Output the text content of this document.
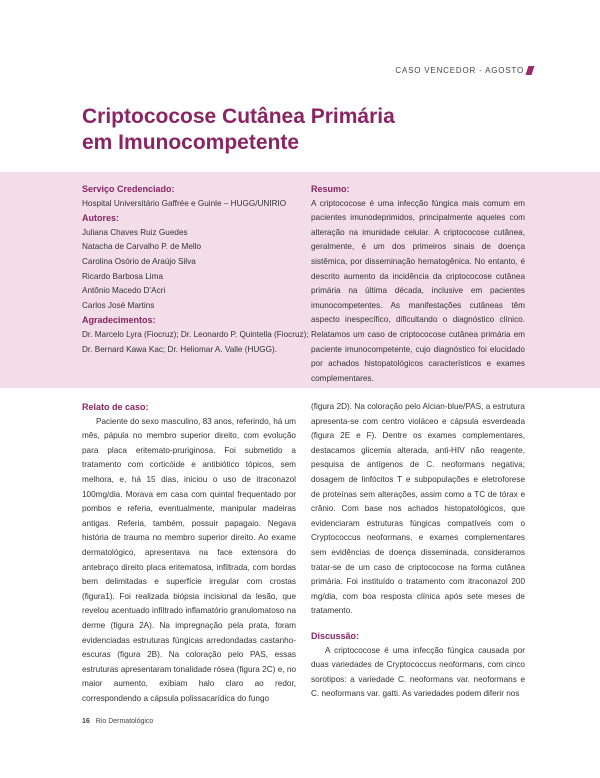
CASO VENCEDOR - AGOSTO
Criptococose Cutânea Primária
em Imunocompetente
Serviço Credenciado:
Hospital Universitário Gaffrée e Guinle – HUGG/UNIRIO
Autores:
Juliana Chaves Ruiz Guedes
Natacha de Carvalho P. de Mello
Carolina Osório de Araújo Silva
Ricardo Barbosa Lima
Antônio Macedo D’Acri
Carlos José Martins
Agradecimentos:
Dr. Marcelo Lyra (Fiocruz); Dr. Leonardo P. Quintella (Fiocruz);
Dr. Bernard Kawa Kac; Dr. Heliomar A. Valle (HUGG).
Resumo:
A criptococose é uma infecção fúngica mais comum em pacientes imunodeprimidos, principalmente aqueles com alteração na imunidade celular. A criptococose cutânea, geralmente, é um dos primeiros sinais de doença sistêmica, por disseminação hematogênica. No entanto, é descrito aumento da incidência da criptococose cutânea primária na última década, inclusive em pacientes imunocompetentes. As manifestações cutâneas têm aspecto inespecífico, dificultando o diagnóstico clínico. Relatamos um caso de criptococose cutânea primária em paciente imunocompetente, cujo diagnóstico foi elucidado por achados histopatológicos característicos e exames complementares.
Relato de caso:
Paciente do sexo masculino, 83 anos, referindo, há um mês, pápula no membro superior direito, com evolução para placa eritemato-pruriginosa. Foi submetido a tratamento com corticóide e antibiótico tópicos, sem melhora, e, há 15 dias, iniciou o uso de itraconazol 100mg/dia. Morava em casa com quintal frequentado por pombos e referia, eventualmente, manipular madeiras antigas. Referia, também, possuir papagaio. Negava história de trauma no membro superior direito. Ao exame dermatológico, apresentava na face extensora do antebraço direito placa eritematosa, infiltrada, com bordas bem delimitadas e superfície irregular com crostas (figura1). Foi realizada biópsia incisional da lesão, que revelou acentuado infiltrado inflamatório granulomatoso na derme (figura 2A). Na impregnação pela prata, foram evidenciadas estruturas fúngicas arredondadas castanho-escuras (figura 2B). Na coloração pelo PAS, essas estruturas apresentaram tonalidade rósea (figura 2C) e, no maior aumento, exibiam halo claro ao redor, correspondendo a cápsula polissacarídica do fungo
(figura 2D). Na coloração pelo Alcian-blue/PAS, a estrutura apresenta-se com centro violáceo e cápsula esverdeada (figura 2E e F). Dentre os exames complementares, destacamos glicemia alterada, anti-HIV não reagente, pesquisa de antígenos de C. neoformans negativa; dosagem de linfócitos T e subpopulações e eletroforese de proteínas sem alterações, assim como a TC de tórax e crânio. Com base nos achados histopatológicos, que evidenciaram estruturas fúngicas compatíveis com o Cryptococcus neoformans, e exames complementares sem evidências de doença disseminada, consideramos tratar-se de um caso de criptococose na forma cutânea primária. Foi instituído o tratamento com itraconazol 200 mg/dia, com boa resposta clínica após sete meses de tratamento.
Discussão:
A criptococose é uma infecção fúngica causada por duas variedades de Cryptococcus neoformans, com cinco sorotipos: a variedade C. neoformans var. neoformans e C. neoformans var. gatti. As variedades podem diferir nos
16 Rio Dermatológico
